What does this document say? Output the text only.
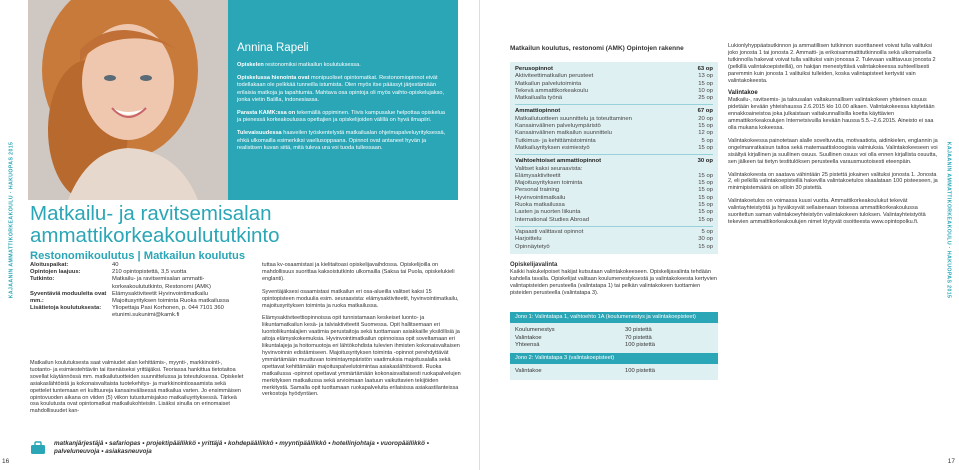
KAJAANIN AMMATTIKORKEAKOULU · HAKUOPAS 2015	KAJAANIN AMMATTIKORKEAKOULU · HAKUOPAS 2015
Annina Rapeli

Opiskelen restonomiksi matkailun koulutuksessa.

Opiskelussa hienointa ovat monipuoliset opintomatkat. Restonomiopinnot eivät todellakaan ole pelkkää tunneilla istumista. Olen myös itse päässyt järjestämään erilaisia matkoja ja tapahtumia. Mahtava osa opintoja oli myös vaihto-opiskelujakso, jonka vietin Balilla, Indonesiassa.

Parasta KAMK:ssa on tekemällä oppiminen. Tiivis kampusalue helpottaa opiskelua ja pienessä korkeakoulussa opettajien ja opiskelijoiden välillä on hyvä ilmapiiri.

Tulevaisuudessa haaveilen työskentelystä matkailualan ohjelmapalveluyrityksessä, ehkä ulkomailla esimerkiksi vaellusoppaana. Opinnot ovat antaneet hyvän ja realistisen kuvan siitä, mitä tuleva ura voi tuoda tullessaan.

Matkailu- ja ravitsemisalan ammattikorkeakoulututkinto
Restonomikoulutus | Matkailun koulutus
Aloituspaikat:	40
Opintojen laajuus:	210 opintopistettä, 3,5 vuotta
Tutkinto:	Matkailu- ja ravitsemisalan ammattikorkeakoulututkinto, Restonomi (AMK)
Syventäviä moduuleita ovat mm.:
Elämysaktiviteetit Hyvinvointimatkailu Majoitusyrityksen toiminta Ruoka matkailussa
Lisätietoja koulutuksesta:	Yliopettaja Pasi Korhonen, p. 044 7101 360 etunimi.sukunimi@kamk.fi
Matkailun koulutuksesta saat valmiudet alan kehittämis-, myynti-, markkinointi-, tuotanto- ja esimiestehtäviin tai itsenäiseksi yrittäjäksi. Teoriassa hankittua tietotaitoa sovellat käytännössä mm. matkailutuotteiden suunnittelussa ja toteutuksessa. Opiskelet asiakaslähtöistä ja kokonaisvaltaista tuotekehitys- ja markkinointiosaamista sekä opettelet tuntemaan eri kulttuureja kansainvälisessä matkailua varten. Jo ensimmäisen opintovuoden aikana on viiden (5) viikon tutustumisjakso matkailuyrityksessä. Tärkeä osa koulutusta ovat opintomatkat matkailukohteisiin. Lisäksi sinulla on erinomaiset mahdollisuudet kan-

tuttaa kv-osaamistasi ja kielitaitoasi opiskelijavaihdossa. Opiskelijoilla on mahdollisuus suorittaa kaksoistutkinto ulkomailla (Saksa tai Puola, opiskelukieli englanti).

Syventäjäksesi osaamistasi matkailun eri osa-alueilla valitset kaksi 15 opintopisteen moduulia esim. seuraavista: elämysaktiviteetit, hyvinvointimatkailu, majoitusyrityksen toiminta ja ruoka matkailussa.

Elämysaktiviteettiopinnoissa opit tunnistamaan keskeiset luonto- ja liikuntamatkailun kesä- ja talviaktiviteetit Suomessa. Opit hallitsemaan eri luontoliikuntalajien vaatimia perustaitoja sekä tuottamaan asiakkaille yksilöllisiä ja aitoja elämyskokemuksia. Hyvinvointimatkailun opinnoissa opit soveltamaan eri liikuntalajeja ja hoitomuotoja eri lähtökohdista tulevien ihmisten kokonaisvaltaisen hyvinvoinnin edistämiseen. Majoitusyrityksen toiminta -opinnot perehdyttävät ymmärtämään muuttuvan toimintaympäristön vaatimuksia majoitusalalla sekä opettavat kehittämään majoituspalvelutoimintaa asiakaslähtöisesti. Ruoka matkailussa -opinnot opettavat ymmärtämään kokonaisvaltaisesti ruokapalvelujen merkityksen matkailussa sekä arvioimaan laatuun vaikuttavien tekijöiden merkitystä. Samalla opit tuottamaan ruokapalveluita erilaisissa asiakastilanteissa verkostoja hyödyntäen.

matkanjärjestäjä • safariopas • projektipäällikkö • yrittäjä • kohdepäällikkö • myyntipäällikkö • hotellinjohtaja • vuoropäällikkö • palveluneuvoja • asiakasneuvoja
16	17
Matkailun koulutus, restonomi (AMK) Opintojen rakenne
Perusopinnot	63 op
Aktiviteettimatkailun perusteet	13 op
Matkailun palvelutoiminta	15 op
Tekevä ammattikorkeakoulu	10 op
Matkailualla työnä	25 op
Ammattiopinnot	67 op
Matkailutuotteen suunnittelu ja toteuttaminen	20 op
Kansainvälinen palveluympäristö	15 op
Kansainvälinen matkailun suunnittelu	12 op
Tutkimus- ja kehittämistoiminta	5 op
Matkailuyrityksen esimiestyö	15 op
Vaihtoehtoiset ammattiopinnot	30 op
Valitset kaksi seuraavista:
Elämysaktiviteetit	15 op
Majoitusyrityksen toiminta	15 op
Personal training	15 op
Hyvinvointimatkailu	15 op
Ruoka matkailussa	15 op
Lasten ja nuorten liikunta	15 op
International Studies Abroad	15 op
Vapaasti valittavat opinnot	5 op
Harjoittelu	30 op
Opinnäytetyö	15 op
Opiskelijavalinta
Kaikki hakukelpoiset hakijat kutsutaan valintakokeeseen. Opiskelijavalinta tehdään kahdella tavalla. Opiskelijat valitaan koulumenestyksestä ja valintakokeesta kertyvien valintapisteiden perusteella (valintatapa 1) tai pelkän valintakokeen tuottamien pisteiden perusteella (valintatapa 3).
Jono 1: Valintatapa 1, vaihtoehto 1A (koulumenestys ja valintakoepisteet)
Koulumenestys	30 pistettä
Valintakoe	70 pistettä
Yhteensä	100 pistettä
Jono 2: Valintatapa 3 (valintakoepisteet)
Valintakoe	100 pistettä

Lukionlyhyppäatsutkinnon ja ammatillisen tutkinnon suorittaneet voivat tulla valituksi joko jonosta 1 tai jonosta 2. Ammatti- ja erikoisammattitutkinnoilla sekä ulkomaisella tutkinnolla hakevat voivat tulla valituksi vain jonossa 2. Tulevaan valittavuus jonosta 2 (pelkillä valintakoepisteillä), on hakijan menestyttävä valintakokeessa suhteellisesti paremmin kuin jonosta 1 valituiksi tulleiden, koska valintapisteet kertyvät vain valintakokeesta.

Valintakoe

Matkailu-, ravitsemis- ja talousalan valtakunnallisen valintakokeen yhteinen osuus pidetään kevään yhteishaussa 2.6.2015 klo 10.00 alkaen. Valintakokeessa käytetään ennakkoaineistoa joka julkaistaan valtakunnallisilla koetta käyttävien ammattikorkeakoulujen Internetsivuilla kevään haussa 5.5.–2.6.2015. Aineisto ei saa olla mukana kokeessa.

Valintakokeessa painotetaan alalle soveltuvutta, motivaatiota, aidinkielen, englannin ja ongelmanratkaisun taitoa sekä matemaattislooogisia valmiuksia. Valintakokeeseen voi sisältyä kirjallinen ja suullinen osuus. Suullinen osuus voi olla ennen kirjallista osuutta, sen jälkeen tai tietyn testitulöksen perusteella varausmuotoisesti eteenpäin.

Valintakokeesta on saatava vähintään 25 pistettä jokainen valituksi jonosta 1. Jonosta 2, eli pelkillä valintakoepisteillä hakevilla valintakoetulos skaalataan 100 pisteeseen, ja minimipistemäärä on silloin 30 pistettä.

Valintakoetulos on voimassa kuusi vuotta. Ammattikorkeakoulukut tekevät valintayhteistyötä ja hyväksyvät sellaisenaan toisessa ammattikorkeakoulussa suoritettun saman valintakoeyhteistyön valintakokeen tuloksen. Valintayhteistyötä tekevien ammattikorkeakoulujen nimet löytyvät osoitteesta www.opintopolku.fi.
